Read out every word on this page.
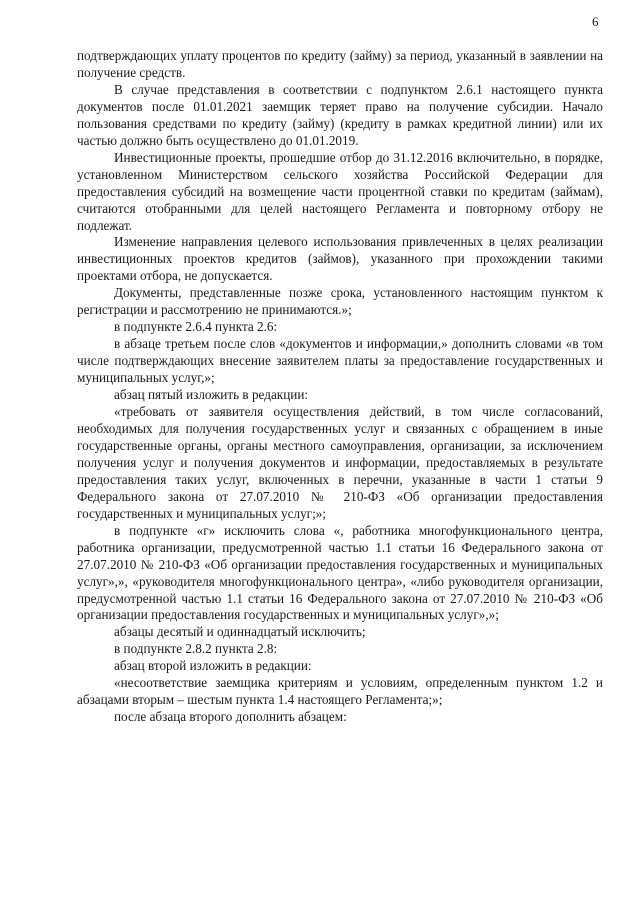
6

подтверждающих уплату процентов по кредиту (займу) за период, указанный в заявлении на получение средств.

В случае представления в соответствии с подпунктом 2.6.1 настоящего пункта документов после 01.01.2021 заемщик теряет право на получение субсидии. Начало пользования средствами по кредиту (займу) (кредиту в рамках кредитной линии) или их частью должно быть осуществлено до 01.01.2019.

Инвестиционные проекты, прошедшие отбор до 31.12.2016 включительно, в порядке, установленном Министерством сельского хозяйства Российской Федерации для предоставления субсидий на возмещение части процентной ставки по кредитам (займам), считаются отобранными для целей настоящего Регламента и повторному отбору не подлежат.

Изменение направления целевого использования привлеченных в целях реализации инвестиционных проектов кредитов (займов), указанного при прохождении такими проектами отбора, не допускается.

Документы, представленные позже срока, установленного настоящим пунктом к регистрации и рассмотрению не принимаются.»;

в подпункте 2.6.4 пункта 2.6:

в абзаце третьем после слов «документов и информации,» дополнить словами «в том числе подтверждающих внесение заявителем платы за предоставление государственных и муниципальных услуг,»;

абзац пятый изложить в редакции:

«требовать от заявителя осуществления действий, в том числе согласований, необходимых для получения государственных услуг и связанных с обращением в иные государственные органы, органы местного самоуправления, организации, за исключением получения услуг и получения документов и информации, предоставляемых в результате предоставления таких услуг, включенных в перечни, указанные в части 1 статьи 9 Федерального закона от 27.07.2010 № 210-ФЗ «Об организации предоставления государственных и муниципальных услуг;»;

в подпункте «г» исключить слова «, работника многофункционального центра, работника организации, предусмотренной частью 1.1 статьи 16 Федерального закона от 27.07.2010 № 210-ФЗ «Об организации предоставления государственных и муниципальных услуг»,», «руководителя многофункционального центра», «либо руководителя организации, предусмотренной частью 1.1 статьи 16 Федерального закона от 27.07.2010 № 210-ФЗ «Об организации предоставления государственных и муниципальных услуг»,»;

абзацы десятый и одиннадцатый исключить;

в подпункте 2.8.2 пункта 2.8:

абзац второй изложить в редакции:

«несоответствие заемщика критериям и условиям, определенным пунктом 1.2 и абзацами вторым – шестым пункта 1.4 настоящего Регламента;»;

после абзаца второго дополнить абзацем:
